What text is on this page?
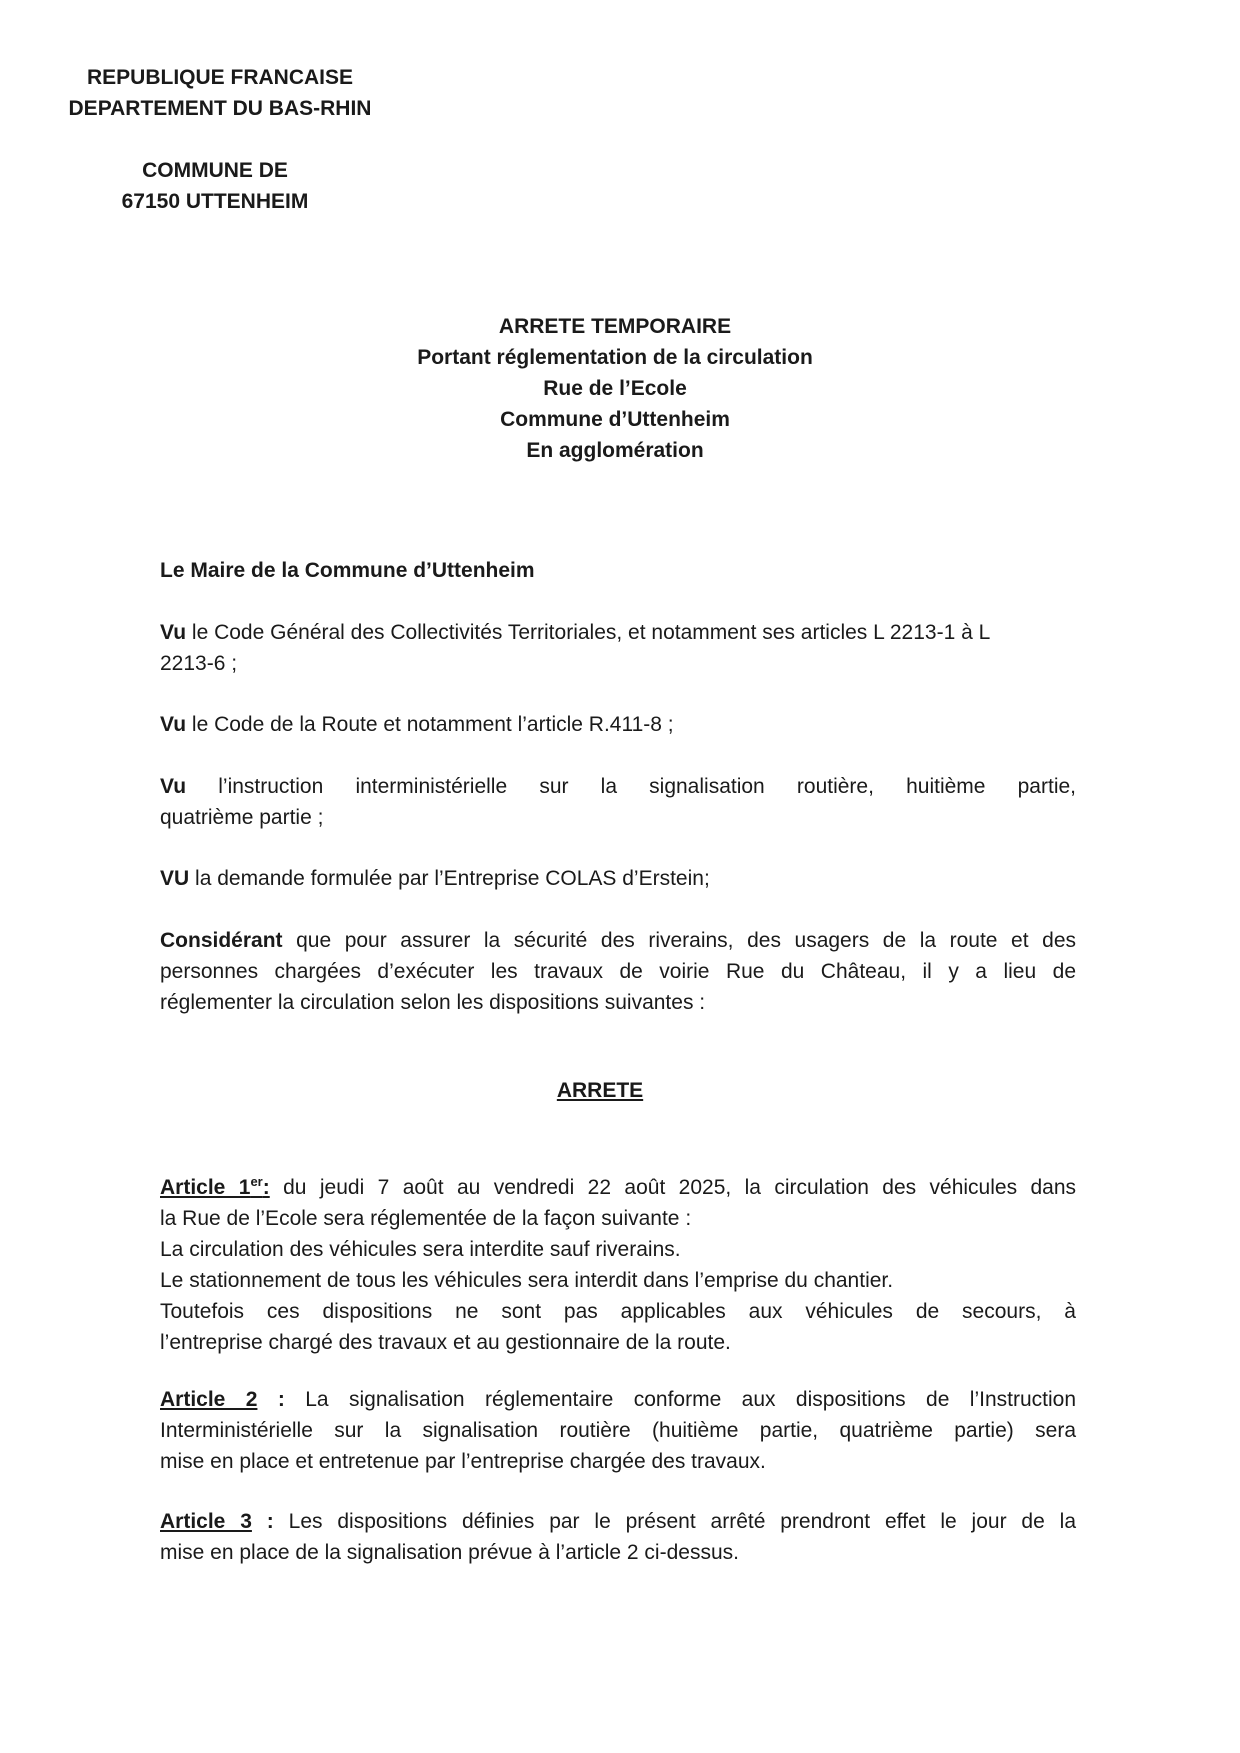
REPUBLIQUE FRANCAISE
DEPARTEMENT DU BAS-RHIN
COMMUNE DE
67150 UTTENHEIM
ARRETE TEMPORAIRE
Portant réglementation de la circulation
Rue de l’Ecole
Commune d’Uttenheim
En agglomération
Le Maire de la Commune d’Uttenheim
Vu le Code Général des Collectivités Territoriales, et notamment ses articles L 2213-1 à L
2213-6 ;
Vu le Code de la Route et notamment l’article R.411-8 ;
Vu l’instruction interministérielle sur la signalisation routière, huitième partie,
quatrième partie ;
VU la demande formulée par l’Entreprise COLAS d’Erstein;
Considérant que pour assurer la sécurité des riverains, des usagers de la route et des
personnes chargées d’exécuter les travaux de voirie Rue du Château, il y a lieu de
réglementer la circulation selon les dispositions suivantes :
ARRETE
Article 1er: du jeudi 7 août au vendredi 22 août 2025, la circulation des véhicules dans
la Rue de l’Ecole sera réglementée de la façon suivante :
La circulation des véhicules sera interdite sauf riverains.
Le stationnement de tous les véhicules sera interdit dans l’emprise du chantier.
Toutefois ces dispositions ne sont pas applicables aux véhicules de secours, à
l’entreprise chargé des travaux et au gestionnaire de la route.
Article 2 : La signalisation réglementaire conforme aux dispositions de l’Instruction
Interministérielle sur la signalisation routière (huitième partie, quatrième partie) sera
mise en place et entretenue par l’entreprise chargée des travaux.
Article 3 : Les dispositions définies par le présent arrêté prendront effet le jour de la
mise en place de la signalisation prévue à l’article 2 ci-dessus.
